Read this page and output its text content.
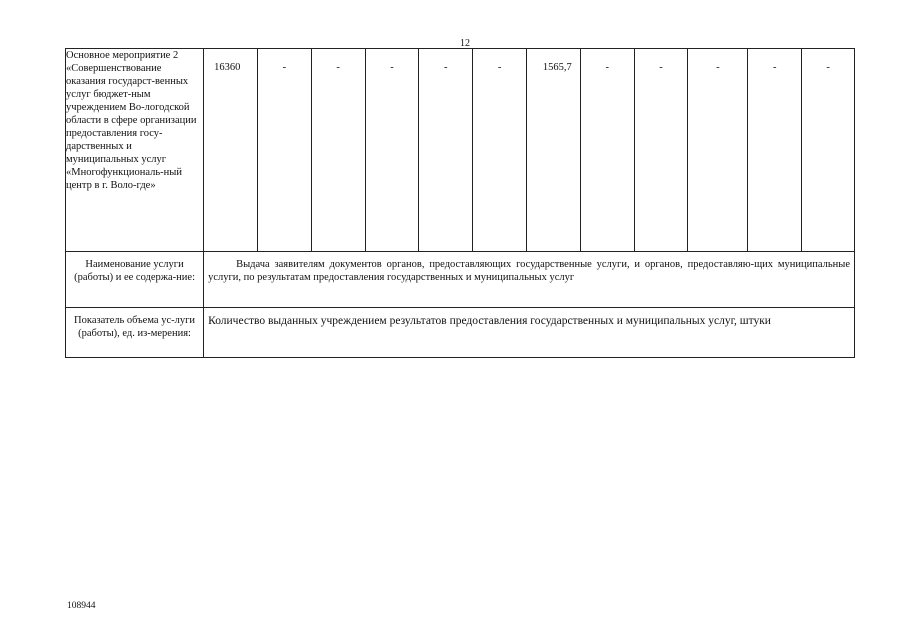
12
Основное мероприятие 2 «Совершенствование оказания государст-венных услуг бюджет-ным учреждением Во-логодской области в сфере организации предоставления госу-дарственных и муниципальных услуг «Многофункциональ-ный центр в г. Воло-где»	16360	-	-	-	-	-	1565,7	-	-	-	-	-
Наименование услуги (работы) и ее содержа-ние:	Выдача заявителям документов органов, предоставляющих государственные услуги, и органов, предоставляю-щих муниципальные услуги, по результатам предоставления государственных и муниципальных услуг											
Показатель объема ус-луги (работы), ед. из-мерения:	Количество выданных учреждением результатов предоставления государственных и муниципальных услуг, штуки											
108944
